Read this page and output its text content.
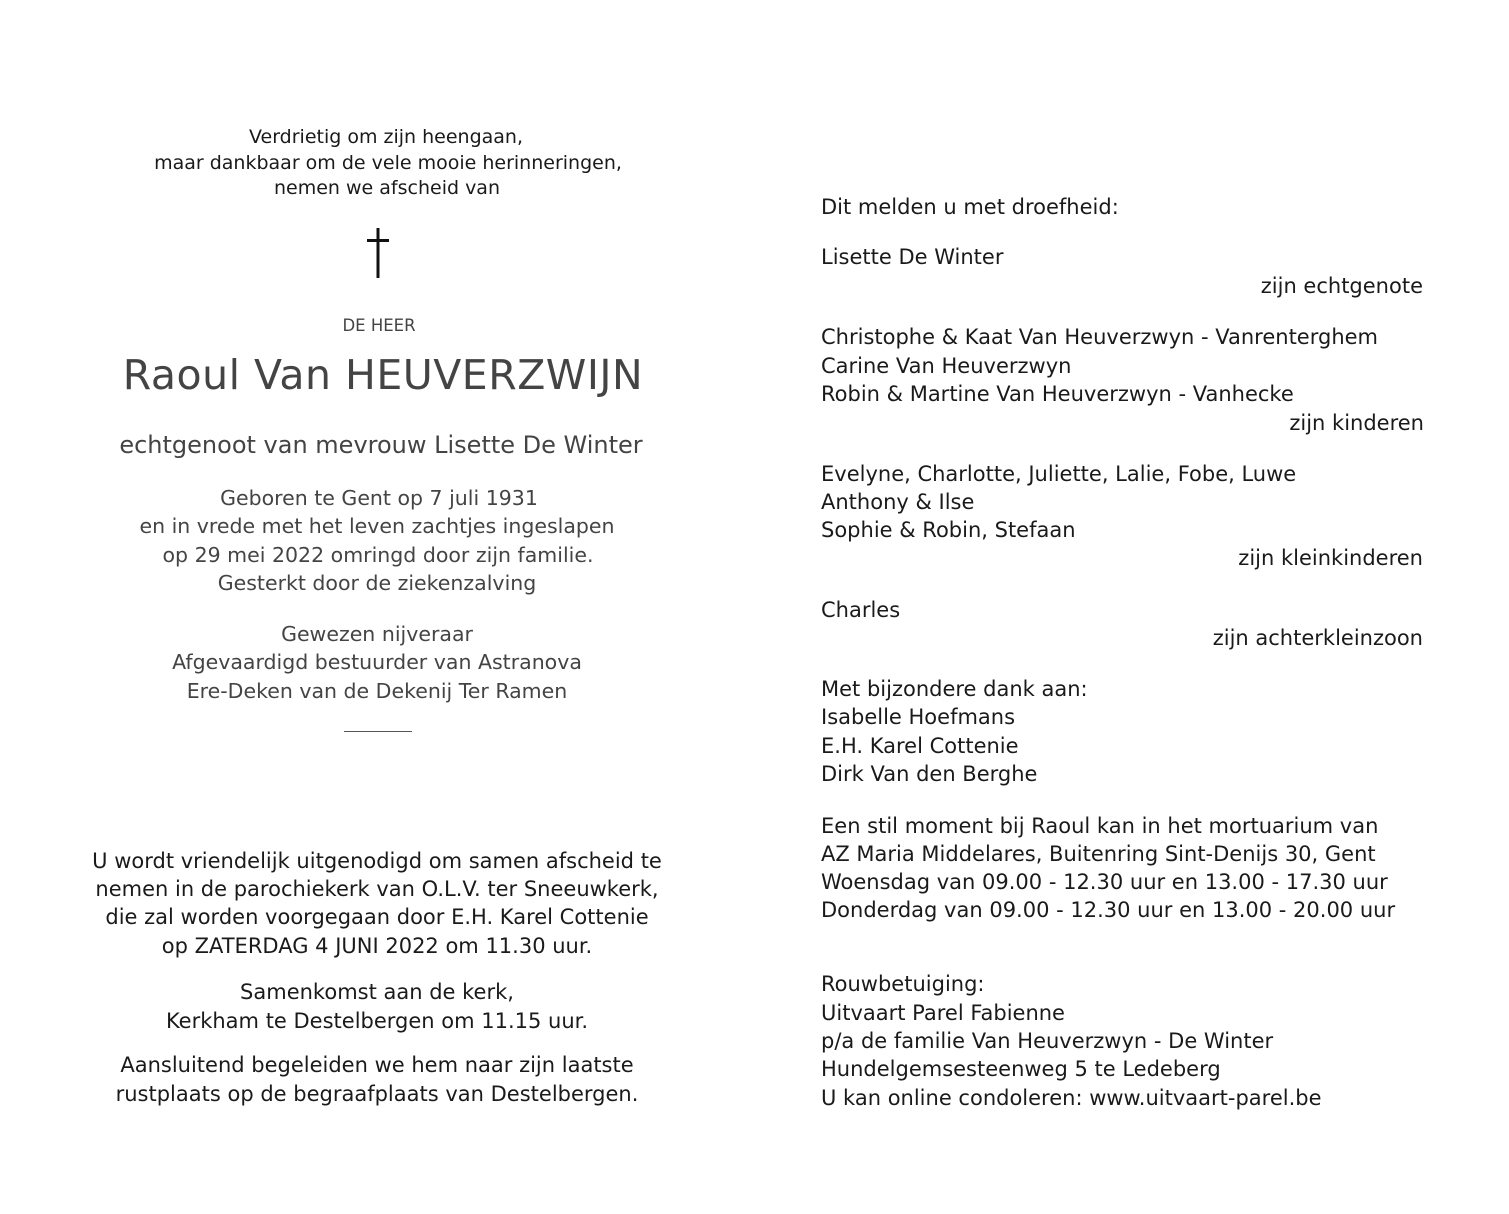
Verdrietig om zijn heengaan,
maar dankbaar om de vele mooie herinneringen,
nemen we afscheid van
DE HEER
Raoul Van HEUVERZWIJN
echtgenoot van mevrouw Lisette De Winter
Geboren te Gent op 7 juli 1931
en in vrede met het leven zachtjes ingeslapen
op 29 mei 2022 omringd door zijn familie.
Gesterkt door de ziekenzalving
Gewezen nijveraar
Afgevaardigd bestuurder van Astranova
Ere-Deken van de Dekenij Ter Ramen
U wordt vriendelijk uitgenodigd om samen afscheid te
nemen in de parochiekerk van O.L.V. ter Sneeuwkerk,
die zal worden voorgegaan door E.H. Karel Cottenie
op ZATERDAG 4 JUNI 2022 om 11.30 uur.
Samenkomst aan de kerk,
Kerkham te Destelbergen om 11.15 uur.
Aansluitend begeleiden we hem naar zijn laatste
rustplaats op de begraafplaats van Destelbergen.
Dit melden u met droefheid:
Lisette De Winter
zijn echtgenote
Christophe & Kaat Van Heuverzwyn - Vanrenterghem
Carine Van Heuverzwyn
Robin & Martine Van Heuverzwyn - Vanhecke
zijn kinderen
Evelyne, Charlotte, Juliette, Lalie, Fobe, Luwe
Anthony & Ilse
Sophie & Robin, Stefaan
zijn kleinkinderen
Charles
zijn achterkleinzoon
Met bijzondere dank aan:
Isabelle Hoefmans
E.H. Karel Cottenie
Dirk Van den Berghe
Een stil moment bij Raoul kan in het mortuarium van
AZ Maria Middelares, Buitenring Sint-Denijs 30, Gent
Woensdag van 09.00 - 12.30 uur en 13.00 - 17.30 uur
Donderdag van 09.00 - 12.30 uur en 13.00 - 20.00 uur
Rouwbetuiging:
Uitvaart Parel Fabienne
p/a de familie Van Heuverzwyn - De Winter
Hundelgemsesteenweg 5 te Ledeberg
U kan online condoleren: www.uitvaart-parel.be
